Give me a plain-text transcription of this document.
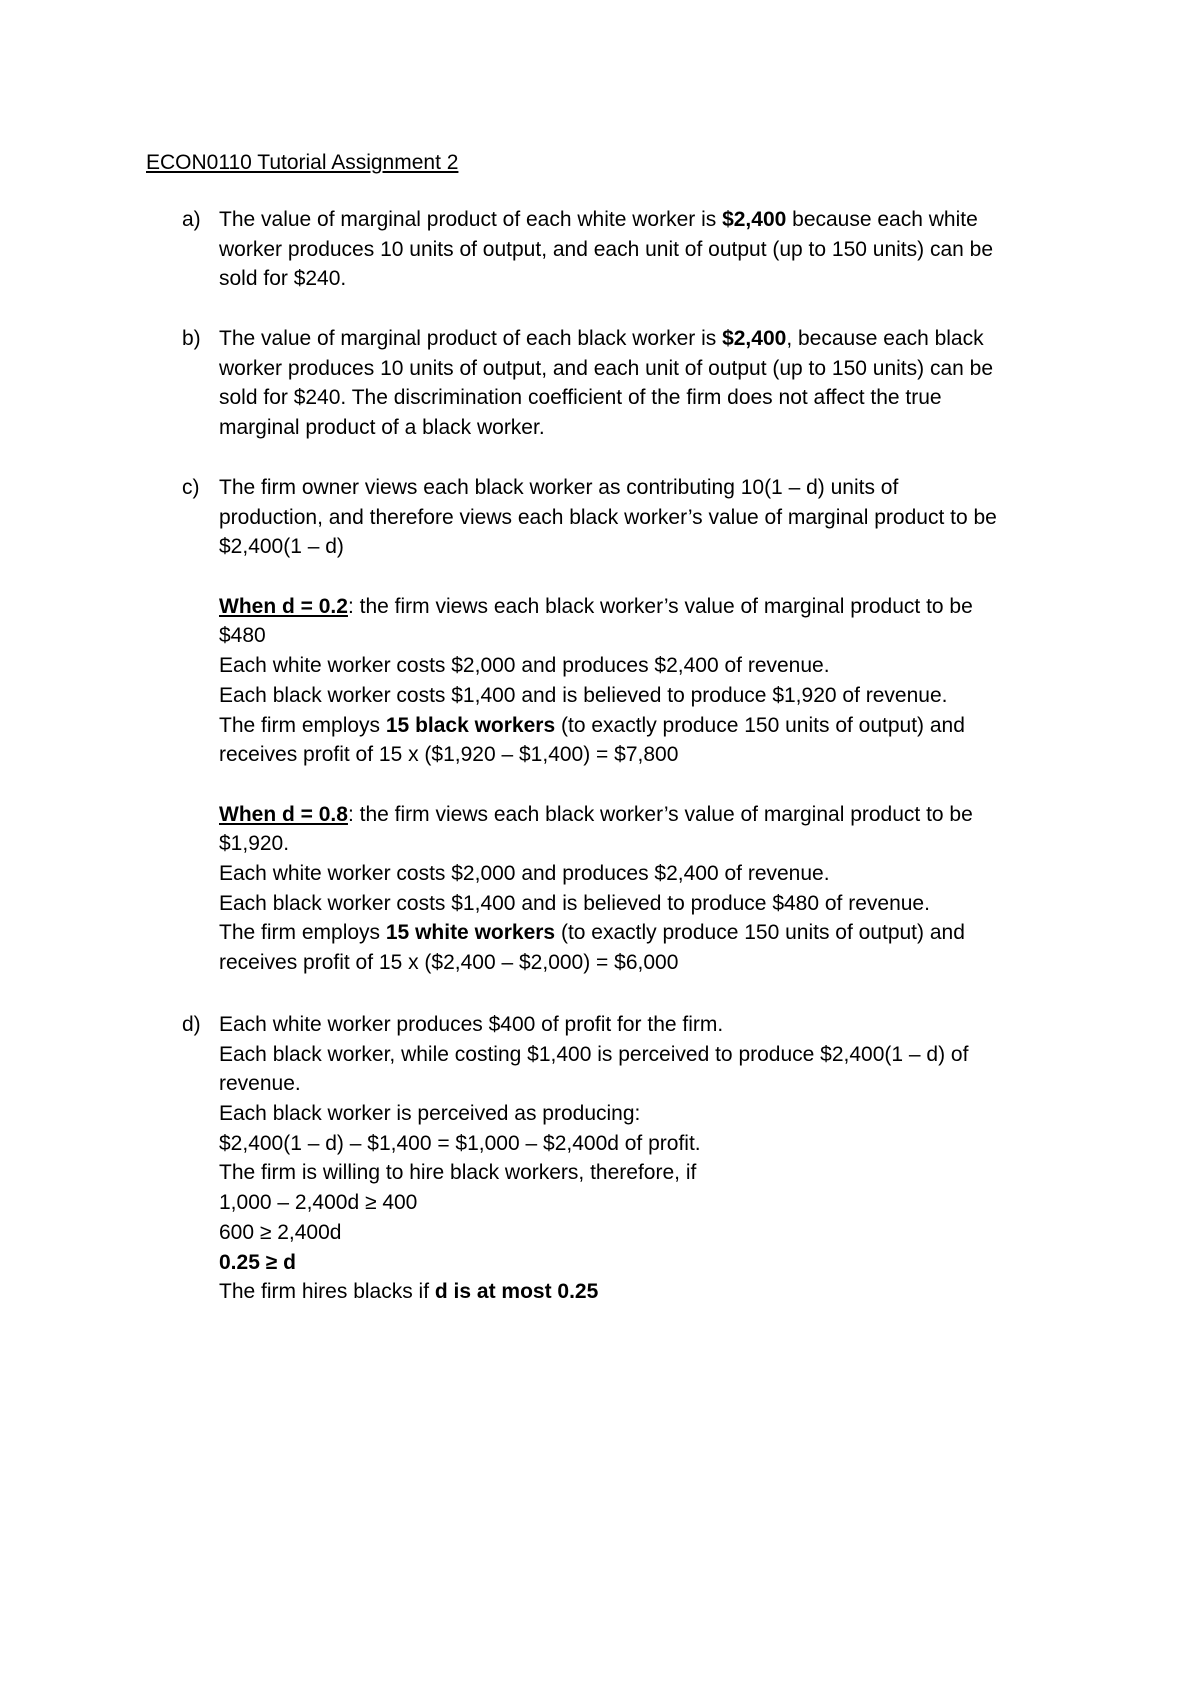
ECON0110 Tutorial Assignment 2
a) The value of marginal product of each white worker is $2,400 because each white
worker produces 10 units of output, and each unit of output (up to 150 units) can be
sold for $240.
b) The value of marginal product of each black worker is $2,400, because each black
worker produces 10 units of output, and each unit of output (up to 150 units) can be
sold for $240. The discrimination coefficient of the firm does not affect the true
marginal product of a black worker.
c) The firm owner views each black worker as contributing 10(1 – d) units of
production, and therefore views each black worker’s value of marginal product to be
$2,400(1 – d)
When d = 0.2: the firm views each black worker’s value of marginal product to be
$480
Each white worker costs $2,000 and produces $2,400 of revenue.
Each black worker costs $1,400 and is believed to produce $1,920 of revenue.
The firm employs 15 black workers (to exactly produce 150 units of output) and
receives profit of 15 x ($1,920 – $1,400) = $7,800
When d = 0.8: the firm views each black worker’s value of marginal product to be
$1,920.
Each white worker costs $2,000 and produces $2,400 of revenue.
Each black worker costs $1,400 and is believed to produce $480 of revenue.
The firm employs 15 white workers (to exactly produce 150 units of output) and
receives profit of 15 x ($2,400 – $2,000) = $6,000
d) Each white worker produces $400 of profit for the firm.
Each black worker, while costing $1,400 is perceived to produce $2,400(1 – d) of
revenue.
Each black worker is perceived as producing:
$2,400(1 – d) – $1,400 = $1,000 – $2,400d of profit.
The firm is willing to hire black workers, therefore, if
1,000 – 2,400d ≥ 400
600 ≥ 2,400d
0.25 ≥ d
The firm hires blacks if d is at most 0.25
